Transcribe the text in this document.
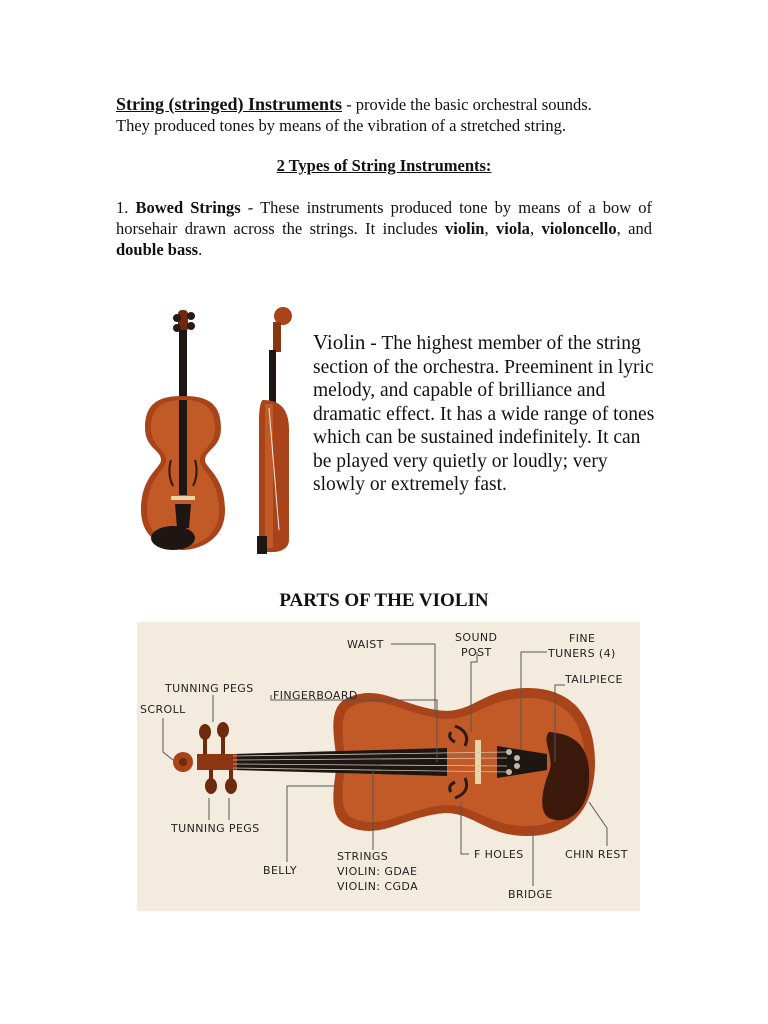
String (stringed) Instruments - provide the basic orchestral sounds.

They produced tones by means of the vibration of a stretched string.

2 Types of String Instruments:
1. Bowed Strings - These instruments produced tone by means of a bow of horsehair drawn across the strings. It includes violin, viola, violoncello, and double bass.
Violin - The highest member of the string section of the orchestra. Preeminent in lyric melody, and capable of brilliance and dramatic effect. It has a wide range of tones which can be sustained indefinitely. It can be played very quietly or loudly; very slowly or extremely fast.
PARTS OF THE VIOLIN
WAIST
SOUND
POST
FINE
TUNERS (4)
TAILPIECE
TUNNING PEGS
FINGERBOARD
SCROLL
TUNNING PEGS
BELLY
STRINGS
VIOLIN: GDAE
VIOLIN: CGDA
F HOLES
BRIDGE
CHIN REST
